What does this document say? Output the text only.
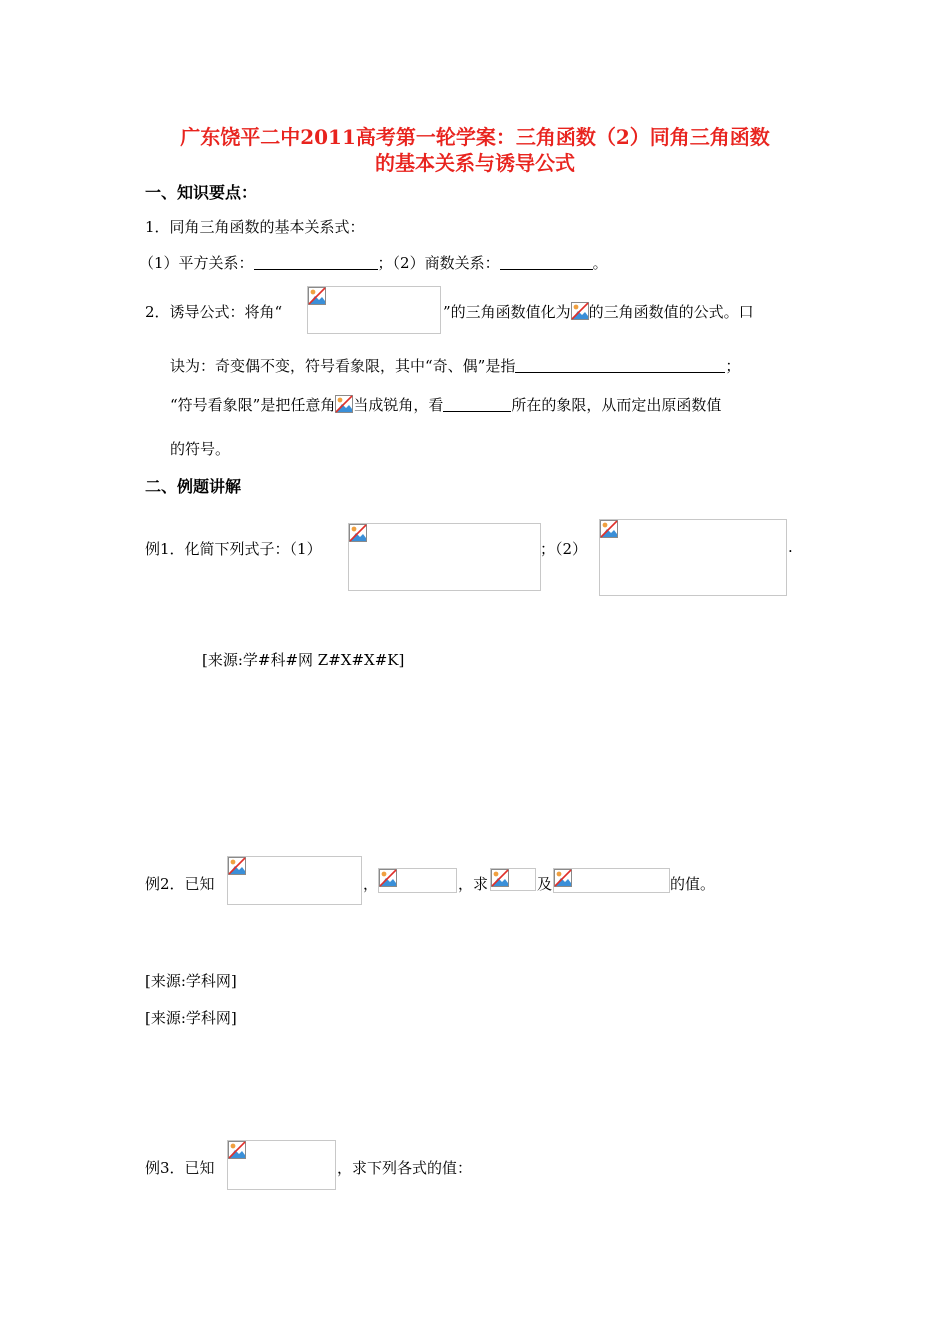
广东饶平二中2011高考第一轮学案：三角函数（2）同角三角函数
的基本关系与诱导公式
一、知识要点：
1．同角三角函数的基本关系式：
（1）平方关系：	；（2）商数关系：	。
2．诱导公式：将角“	”的三角函数值化为 的三角函数值的公式。口
诀为：奇变偶不变，符号看象限，其中“奇、偶”是指	；
“符号看象限”是把任意角 当成锐角，看	所在的象限，从而定出原函数值
的符号。
二、例题讲解
例1．化简下列式子：（1）	；（2）	.
[来源:学#科#网 Z#X#X#K]
例2．已知	，	，求	及	的值。
[来源:学科网]
[来源:学科网]
例3．已知	，求下列各式的值：
